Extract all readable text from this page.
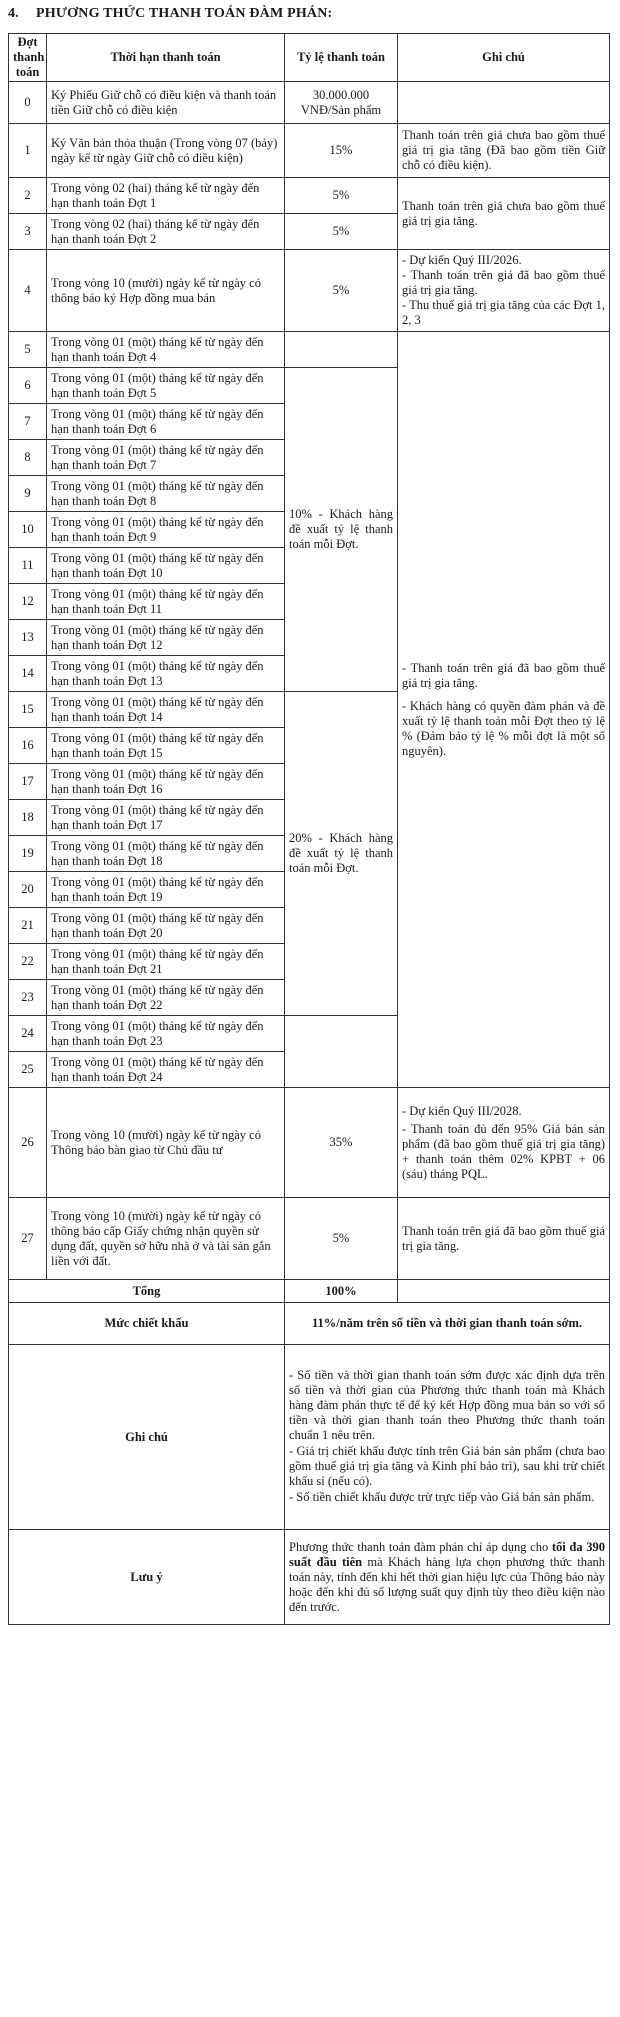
4. PHƯƠNG THỨC THANH TOÁN ĐÀM PHÁN:
Đợt thanh toán	Thời hạn thanh toán	Tỷ lệ thanh toán	Ghi chú
0	Ký Phiếu Giữ chỗ có điều kiện và thanh toán tiền Giữ chỗ có điều kiện	30.000.000 VNĐ/Sản phẩm	
1	Ký Văn bản thỏa thuận (Trong vòng 07 (bảy) ngày kể từ ngày Giữ chỗ có điều kiện)	15%	Thanh toán trên giá chưa bao gồm thuế giá trị gia tăng (Đã bao gồm tiền Giữ chỗ có điều kiện).
2	Trong vòng 02 (hai) tháng kể từ ngày đến hạn thanh toán Đợt 1	5%	Thanh toán trên giá chưa bao gồm thuế giá trị gia tăng.
3	Trong vòng 02 (hai) tháng kể từ ngày đến hạn thanh toán Đợt 2	5%	
4	Trong vòng 10 (mười) ngày kể từ ngày có thông báo ký Hợp đồng mua bán	5%	- Dự kiến Quý III/2026.
- Thanh toán trên giá đã bao gồm thuế giá trị gia tăng.
- Thu thuế giá trị gia tăng của các Đợt 1, 2, 3

5	Trong vòng 01 (một) tháng kể từ ngày đến hạn thanh toán Đợt 4		- Thanh toán trên giá đã bao gồm thuế giá trị gia tăng.
- Khách hàng có quyền đàm phán và đề xuất tỷ lệ thanh toán mỗi Đợt theo tỷ lệ % (Đảm bảo tỷ lệ % mỗi đợt là một số nguyên).

6	Trong vòng 01 (một) tháng kể từ ngày đến hạn thanh toán Đợt 5	10% - Khách hàng đề xuất tỷ lệ thanh toán mỗi Đợt.	
7	Trong vòng 01 (một) tháng kể từ ngày đến hạn thanh toán Đợt 6		
8	Trong vòng 01 (một) tháng kể từ ngày đến hạn thanh toán Đợt 7		
9	Trong vòng 01 (một) tháng kể từ ngày đến hạn thanh toán Đợt 8		
10	Trong vòng 01 (một) tháng kể từ ngày đến hạn thanh toán Đợt 9		
11	Trong vòng 01 (một) tháng kể từ ngày đến hạn thanh toán Đợt 10		
12	Trong vòng 01 (một) tháng kể từ ngày đến hạn thanh toán Đợt 11		
13	Trong vòng 01 (một) tháng kể từ ngày đến hạn thanh toán Đợt 12		
14	Trong vòng 01 (một) tháng kể từ ngày đến hạn thanh toán Đợt 13		
15	Trong vòng 01 (một) tháng kể từ ngày đến hạn thanh toán Đợt 14	20% - Khách hàng đề xuất tỷ lệ thanh toán mỗi Đợt.	
16	Trong vòng 01 (một) tháng kể từ ngày đến hạn thanh toán Đợt 15		
17	Trong vòng 01 (một) tháng kể từ ngày đến hạn thanh toán Đợt 16		
18	Trong vòng 01 (một) tháng kể từ ngày đến hạn thanh toán Đợt 17		
19	Trong vòng 01 (một) tháng kể từ ngày đến hạn thanh toán Đợt 18		
20	Trong vòng 01 (một) tháng kể từ ngày đến hạn thanh toán Đợt 19		
21	Trong vòng 01 (một) tháng kể từ ngày đến hạn thanh toán Đợt 20		
22	Trong vòng 01 (một) tháng kể từ ngày đến hạn thanh toán Đợt 21		
23	Trong vòng 01 (một) tháng kể từ ngày đến hạn thanh toán Đợt 22		
24	Trong vòng 01 (một) tháng kể từ ngày đến hạn thanh toán Đợt 23		
25	Trong vòng 01 (một) tháng kể từ ngày đến hạn thanh toán Đợt 24		
26	Trong vòng 10 (mười) ngày kể từ ngày có Thông báo bàn giao từ Chủ đầu tư	35%	- Dự kiến Quý III/2028.
- Thanh toán đủ đến 95% Giá bán sản phẩm (đã bao gồm thuế giá trị gia tăng) + thanh toán thêm 02% KPBT + 06 (sáu) tháng PQL.

27	Trong vòng 10 (mười) ngày kể từ ngày có thông báo cấp Giấy chứng nhận quyền sử dụng đất, quyền sở hữu nhà ở và tài sản gắn liền với đất.	5%	Thanh toán trên giá đã bao gồm thuế giá trị gia tăng.
Tổng		100%	
Mức chiết khấu		11%/năm trên số tiền và thời gian thanh toán sớm.	
Ghi chú		- Số tiền và thời gian thanh toán sớm được xác định dựa trên số tiền và thời gian của Phương thức thanh toán mà Khách hàng đàm phán thực tế để ký kết Hợp đồng mua bán so với số tiền và thời gian thanh toán theo Phương thức thanh toán chuẩn 1 nêu trên.
- Giá trị chiết khấu được tính trên Giá bán sản phẩm (chưa bao gồm thuế giá trị gia tăng và Kinh phí bảo trì), sau khi trừ chiết khấu sỉ (nếu có).
- Số tiền chiết khấu được trừ trực tiếp vào Giá bán sản phẩm.	

Lưu ý		Phương thức thanh toán đàm phán chỉ áp dụng cho tối đa 390 suất đầu tiên mà Khách hàng lựa chọn phương thức thanh toán này, tính đến khi hết thời gian hiệu lực của Thông báo này hoặc đến khi đủ số lượng suất quy định tùy theo điều kiện nào đến trước.	
